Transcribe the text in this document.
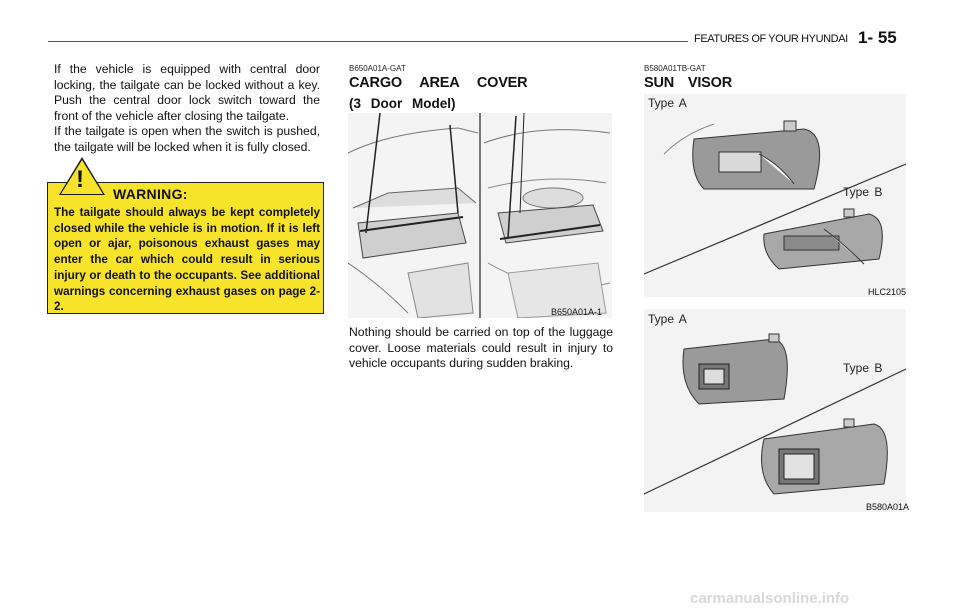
FEATURES OF YOUR HYUNDAI 1- 55

If the vehicle is equipped with central door locking, the tailgate can be locked without a key. Push the central door lock switch toward the front of the vehicle after closing the tailgate.

If the tailgate is open when the switch is pushed, the tailgate will be locked when it is fully closed.

!
WARNING:

The tailgate should always be kept completely closed while the vehicle is in motion. If it is left open or ajar, poisonous exhaust gases may enter the car which could result in serious injury or death to the occupants. See additional warnings concerning exhaust gases on page 2-2.

B650A01A-GAT
CARGO AREA COVER
(3 Door Model)
B650A01A-1

Nothing should be carried on top of the luggage cover. Loose materials could result in injury to vehicle occupants during sudden braking.

B580A01TB-GAT
SUN VISOR
Type A
Type B
HLC2105
Type A
Type B
B580A01A
carmanualsonline.info
